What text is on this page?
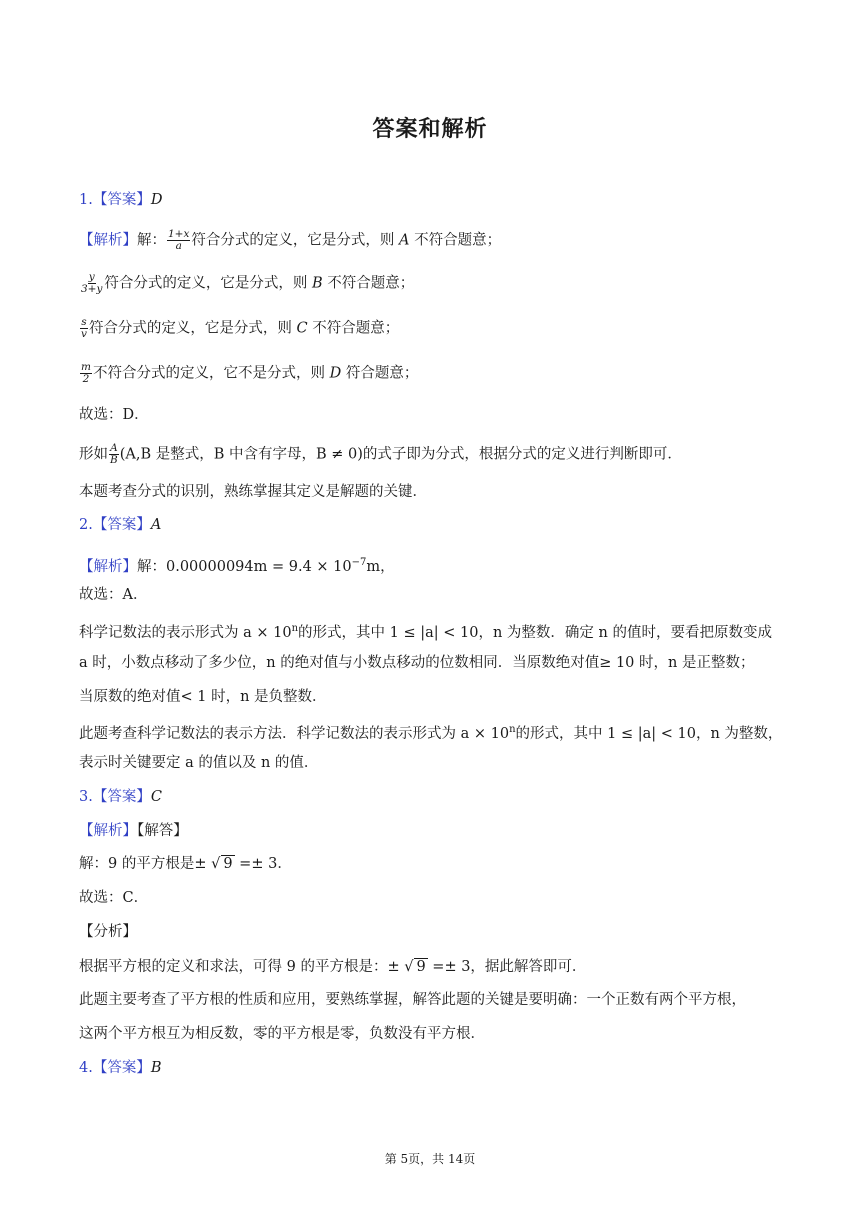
答案和解析
1.【答案】D
【解析】解： $\frac{1+x}{a}$ 符合分式的定义，它是分式，则 A 不符合题意；
$\frac{y}{3+y}$ 符合分式的定义，它是分式，则 B 不符合题意；
$\frac{s}{v}$ 符合分式的定义，它是分式，则 C 不符合题意；
$\frac{m}{2}$ 不符合分式的定义，它不是分式，则 D 符合题意；
故选：D．
形如 $\frac{A}{B} (A,B$ 是整式，B 中含有字母，B ≠ 0)的式子即为分式，根据分式的定义进行判断即可．
本题考查分式的识别，熟练掌握其定义是解题的关键．
2.【答案】A
【解析】解：$0.00000094m = 9.4 \times 10^{-7}m$，
故选：A．
科学记数法的表示形式为 $a \times 10^n$的形式，其中 1 ≤ |a| < 10，n 为整数．确定 n 的值时，要看把原数变成
a 时，小数点移动了多少位，n 的绝对值与小数点移动的位数相同．当原数绝对值≥ 10 时，n 是正整数；
当原数的绝对值< 1 时，n 是负整数．
此题考查科学记数法的表示方法．科学记数法的表示形式为 $a \times 10^n$的形式，其中 1 ≤ |a| < 10，n 为整数，
表示时关键要定 a 的值以及 n 的值．
3.【答案】C
【解析】【解答】
解：9 的平方根是± √ 9 =± 3．
故选：C．
【分析】
根据平方根的定义和求法，可得 9 的平方根是：± √ 9 =± 3，据此解答即可．
此题主要考查了平方根的性质和应用，要熟练掌握，解答此题的关键是要明确：一个正数有两个平方根，
这两个平方根互为相反数，零的平方根是零，负数没有平方根．
4.【答案】B
第 5页，共 14页
